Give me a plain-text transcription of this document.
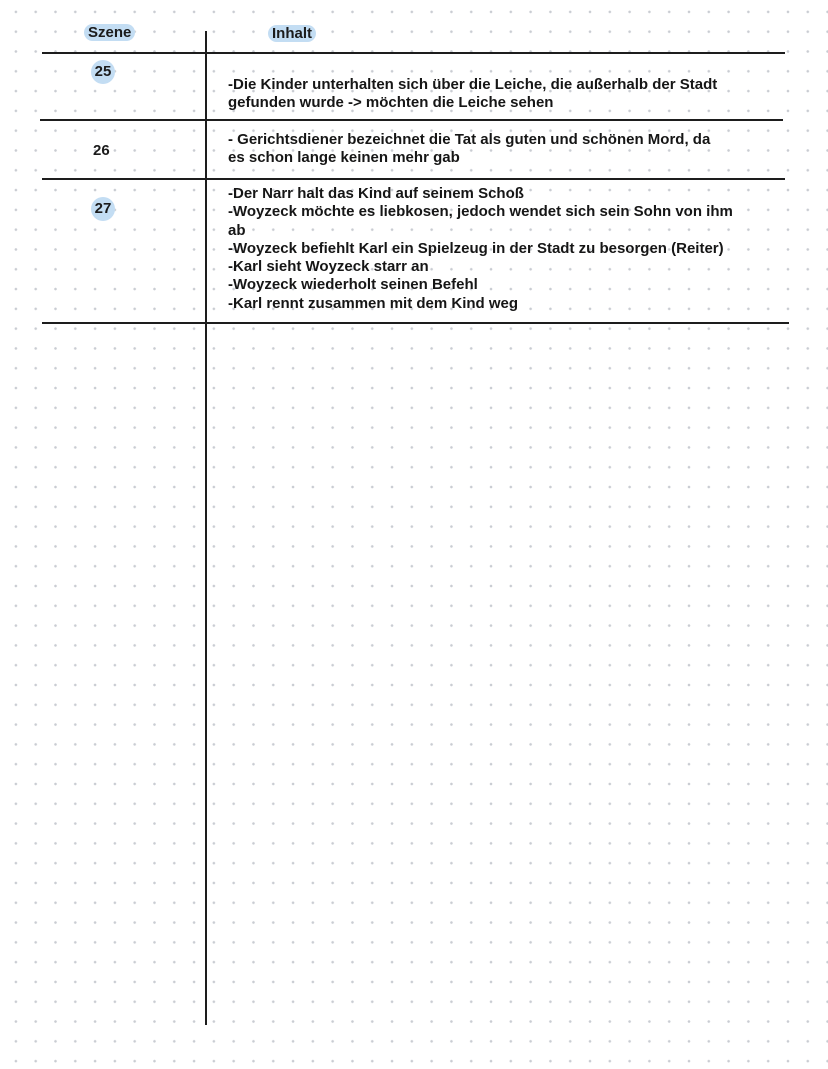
Szene	Inhalt
25
-Die Kinder unterhalten sich über die Leiche, die außerhalb der Stadt
gefunden wurde -> möchten die Leiche sehen
26
- Gerichtsdiener bezeichnet die Tat als guten und schönen Mord, da
es schon lange keinen mehr gab
27
-Der Narr halt das Kind auf seinem Schoß
-Woyzeck möchte es liebkosen, jedoch wendet sich sein Sohn von ihm
ab
-Woyzeck befiehlt Karl ein Spielzeug in der Stadt zu besorgen (Reiter)
-Karl sieht Woyzeck starr an
-Woyzeck wiederholt seinen Befehl
-Karl rennt zusammen mit dem Kind weg
